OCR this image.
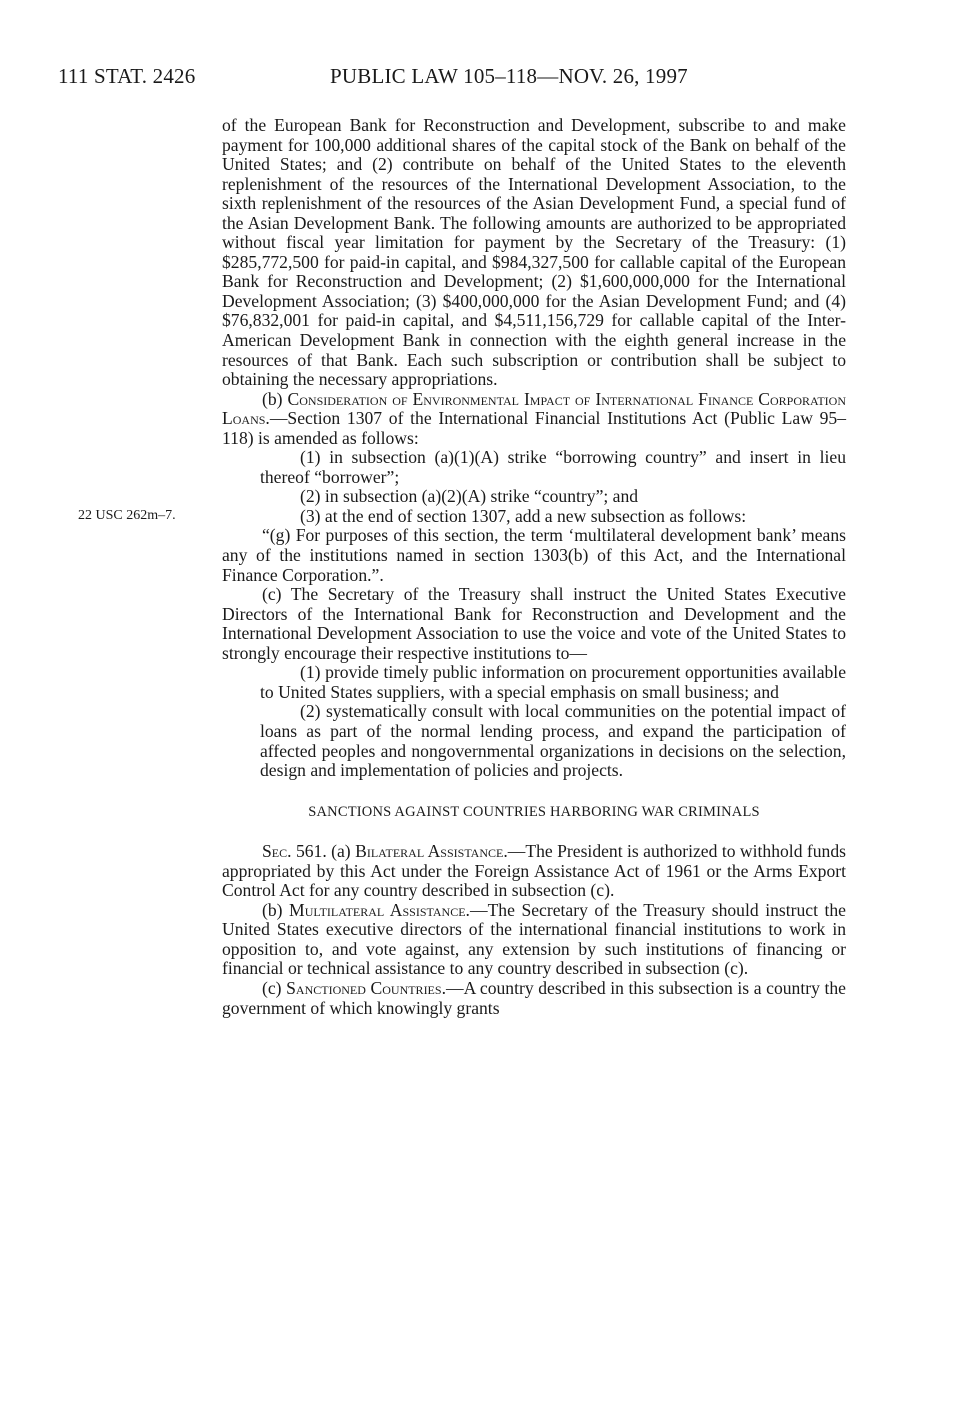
111 STAT. 2426	PUBLIC LAW 105–118—NOV. 26, 1997
22 USC 262m–7.

of the European Bank for Reconstruction and Development, subscribe to and make payment for 100,000 additional shares of the capital stock of the Bank on behalf of the United States; and (2) contribute on behalf of the United States to the eleventh replenishment of the resources of the International Development Association, to the sixth replenishment of the resources of the Asian Development Fund, a special fund of the Asian Development Bank. The following amounts are authorized to be appropriated without fiscal year limitation for payment by the Secretary of the Treasury: (1) $285,772,500 for paid-in capital, and $984,327,500 for callable capital of the European Bank for Reconstruction and Development; (2) $1,600,000,000 for the International Development Association; (3) $400,000,000 for the Asian Development Fund; and (4) $76,832,001 for paid-in capital, and $4,511,156,729 for callable capital of the Inter-American Development Bank in connection with the eighth general increase in the resources of that Bank. Each such subscription or contribution shall be subject to obtaining the necessary appropriations.

(b) Consideration of Environmental Impact of International Finance Corporation Loans.—Section 1307 of the International Financial Institutions Act (Public Law 95–118) is amended as follows:

(1) in subsection (a)(1)(A) strike “borrowing country” and insert in lieu thereof “borrower”;

(2) in subsection (a)(2)(A) strike “country”; and

(3) at the end of section 1307, add a new subsection as follows:

“(g) For purposes of this section, the term ‘multilateral development bank’ means any of the institutions named in section 1303(b) of this Act, and the International Finance Corporation.”.

(c) The Secretary of the Treasury shall instruct the United States Executive Directors of the International Bank for Reconstruction and Development and the International Development Association to use the voice and vote of the United States to strongly encourage their respective institutions to—

(1) provide timely public information on procurement opportunities available to United States suppliers, with a special emphasis on small business; and

(2) systematically consult with local communities on the potential impact of loans as part of the normal lending process, and expand the participation of affected peoples and nongovernmental organizations in decisions on the selection, design and implementation of policies and projects.

SANCTIONS AGAINST COUNTRIES HARBORING WAR CRIMINALS

Sec. 561. (a) Bilateral Assistance.—The President is authorized to withhold funds appropriated by this Act under the Foreign Assistance Act of 1961 or the Arms Export Control Act for any country described in subsection (c).

(b) Multilateral Assistance.—The Secretary of the Treasury should instruct the United States executive directors of the international financial institutions to work in opposition to, and vote against, any extension by such institutions of financing or financial or technical assistance to any country described in subsection (c).

(c) Sanctioned Countries.—A country described in this subsection is a country the government of which knowingly grants
